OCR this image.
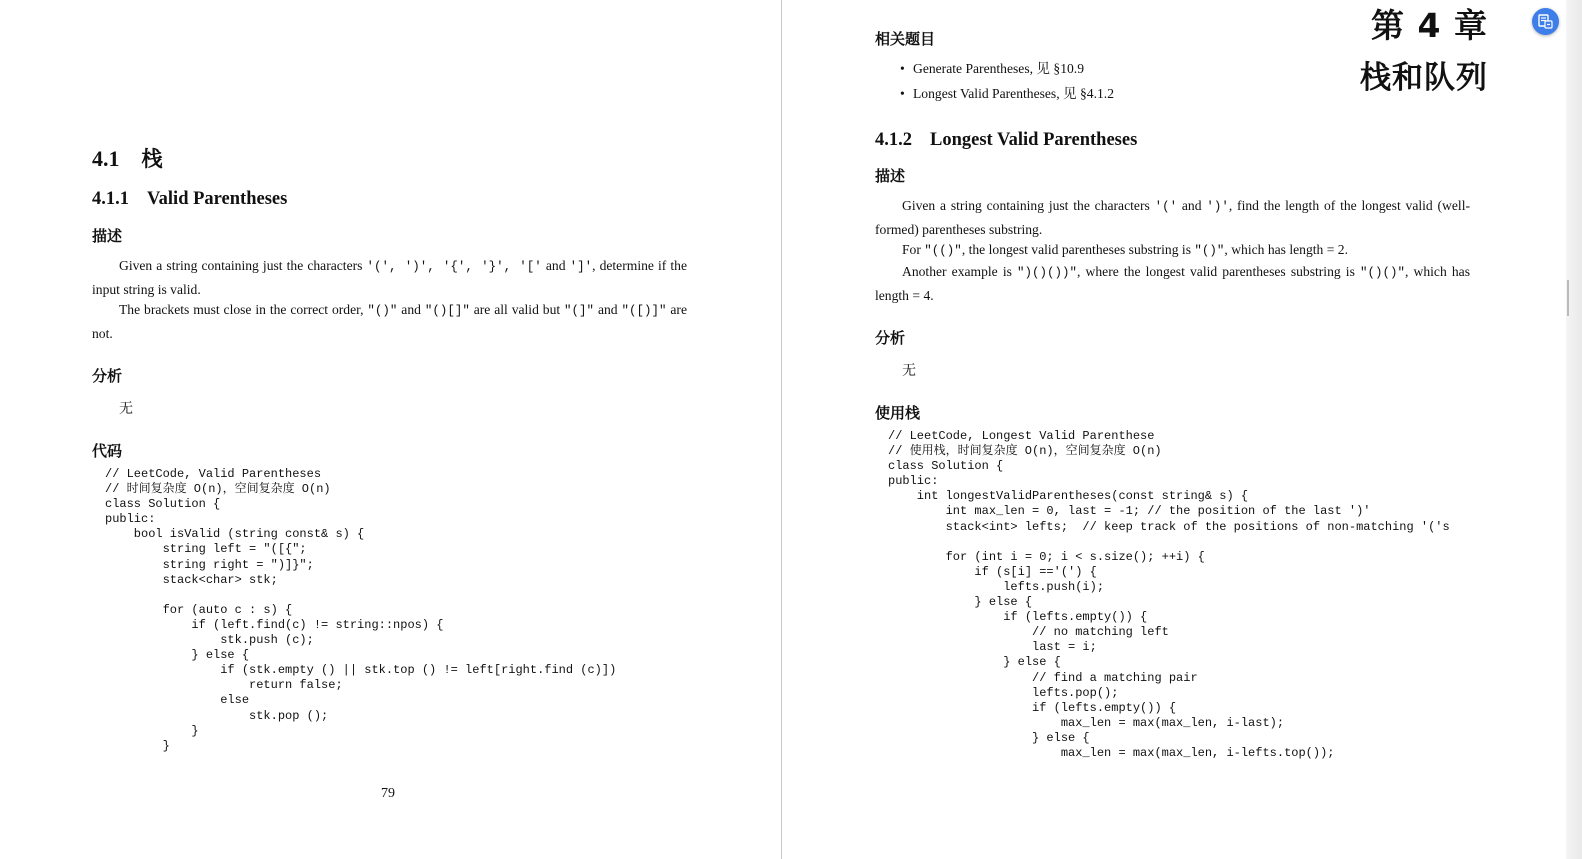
第 4 章
栈和队列
4.1 栈
4.1.1 Valid Parentheses
描述
Given a string containing just the characters '(', ')', '{', '}', '[' and ']', determine if the input string is valid.
The brackets must close in the correct order, "()" and "()[]" are all valid but "(]" and "([)]" are not.
分析
无
代码
// LeetCode, Valid Parentheses
// 时间复杂度 O(n)，空间复杂度 O(n)
class Solution {
public:
bool isValid (string const& s) {
string left = "([{";
string right = ")]}";
stack<char> stk;

for (auto c : s) {
if (left.find(c) != string::npos) {
stk.push (c);
} else {
if (stk.empty () || stk.top () != left[right.find (c)])
return false;
else
stk.pop ();
}
}
79
相关题目
• Generate Parentheses, 见 §10.9
• Longest Valid Parentheses, 见 §4.1.2
4.1.2 Longest Valid Parentheses
描述
Given a string containing just the characters '(' and ')', find the length of the longest valid (well-formed) parentheses substring.
For "(()", the longest valid parentheses substring is "()", which has length = 2.
Another example is ")()())", where the longest valid parentheses substring is "()()", which has length = 4.
分析
无
使用栈
// LeetCode, Longest Valid Parenthese
// 使用栈，时间复杂度 O(n)，空间复杂度 O(n)
class Solution {
public:
int longestValidParentheses(const string& s) {
int max_len = 0, last = -1; // the position of the last ')'
stack<int> lefts;  // keep track of the positions of non-matching '('s

for (int i = 0; i < s.size(); ++i) {
if (s[i] =='(') {
lefts.push(i);
} else {
if (lefts.empty()) {
// no matching left
last = i;
} else {
// find a matching pair
lefts.pop();
if (lefts.empty()) {
max_len = max(max_len, i-last);
} else {
max_len = max(max_len, i-lefts.top());
